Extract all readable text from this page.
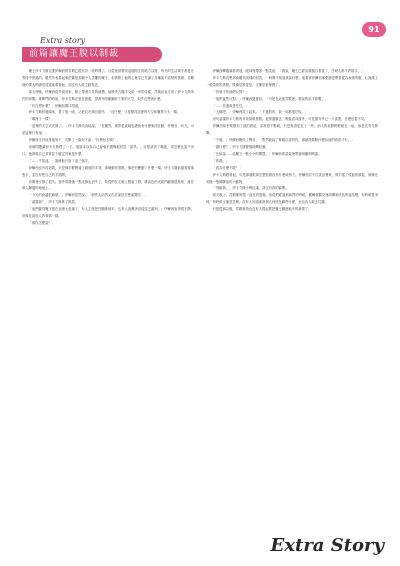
91
Extra story
前篇讓魔王脫以制裁

魔王伊卡力斯住進伊爾西的宮殿已經有好一段時間了。自從他被帶到這個陌生的地方以後，每天的生活幾乎都是在等待中度過的。雖然外表看起來依舊是那個令人畏懼的魔王，但實際上他的心裡早已充滿了各種說不清楚的情緒。宮殿裡的僕人們總是遠遠地看著他，卻沒有人敢主動靠近。

那天傍晚，伊爾西從外面回來，臉上帶著少見的疲憊。他將外衣隨手交給一旁的侍從，然後徑直走向了伊卡力斯所在的房間。推開門的時候，伊卡力斯正坐在窗邊，望著外面漸漸暗下來的天空，似乎在想著什麼。

「你在想什麼？」伊爾西開口問道。

伊卡力斯回過頭來，看了他一眼，又把目光移回窗外。「沒什麼，只是覺得這裡的天空和魔界不太一樣。」

「哪裡不一樣？」

「這裡的天空太安靜了。」伊卡力斯淡淡地說。「在魔界，就算是夜晚也總會有什麼東西在動，有聲音，有光。可是這裡只有風。」

伊爾西走到他身邊坐下，沉默了一會兒才說：「你想回去嗎？」

這個問題讓伊卡力斯愣了一下。他原本以為自己會毫不猶豫地回答「當然」，可是話到了嘴邊，卻怎麼也說不出口。他發現自己其實並不確定答案是什麼。

「……不知道。」最後他只說了這三個字。

伊爾西沒有再追問，只是伸手輕輕碰了碰他的手背。那個動作很輕，像是怕驚動了什麼一樣。伊卡力斯低頭看著那隻手，並沒有把自己的手抽開。

房間裡安靜了很久。窗外的最後一點光線也消失了，侍從們在走廊上點起了燈。暖黃色的光從門縫裡透進來，落在兩人腳邊的地板上。

「今天的會議很麻煩。」伊爾西忽然說。「那些大臣們又在討論該怎麼處置你。」

「處置我？」伊卡力斯挑了挑眉。

「他們覺得魔王留在這裡太危險了，有人主張把你關進地牢，也有人說應該直接送去審判。」伊爾西說得很平靜，好像在說別人的事情一樣。

「那你怎麼說？」

伊爾西轉過頭看著他，眼神裡帶著一點笑意。「我說，魔王已經由我親自看管了，任何人都不許插手。」

伊卡力斯沒想到會聽到這樣的回答，一時間不知道該說什麼。他看著伊爾西那張總是帶著從容表情的臉，心裡湧上一股奇怪的感覺，既像是被冒犯，又像是被保護了。

「你就不怕他們反對？」

「他們當然反對。」伊爾西聳聳肩。「可是在這座宮殿裡，我說的話才算數。」

「……你還真是任性。」

「大概吧。」伊爾西笑了起來。「不過對你，我一向都很任性。」

這句話讓伊卡力斯的耳朵微微發熱。他別過臉去，假裝看向窗外，可是窗外早已一片漆黑，什麼也看不見。

伊爾西似乎察覺到了他的窘迫，卻故意不點破，只是靠得更近了一些。兩人的肩膀輕輕碰在一起，誰也沒有先移開。

「不過，」伊爾西壓低了聲音，「既然我說了要親自看管你，那總得做點什麼給他們看看才行。」

「做什麼？」伊卡力斯警覺地轉回頭。

「比如說……給魔王一點小小的懲罰。」伊爾西的語氣裡帶著明顯的戲謔。

「你敢。」

「我為什麼不敢？」

伊卡力斯瞪著他，可是那個眼神怎麼看都沒有什麼威脅力。伊爾西忍不住笑出聲來，伸手揉了揉他的頭髮，就像在安撫一隻鬧脾氣的小動物。

「別碰我。」伊卡力斯小聲抗議，卻沒有真的躲開。

那天晚上，宮殿裡的燈一直亮到很晚。侍從們經過那扇門的時候，偶爾會聽見裡面傳來低低的說話聲，有時候是爭執，有時候又像是笑聲。沒有人知道那兩個人到底在聊些什麼，也沒有人敢去打聽。

只是從那以後，宮殿裡再也沒有人提起要把魔王關進地牢的事情了。

Extra Story
